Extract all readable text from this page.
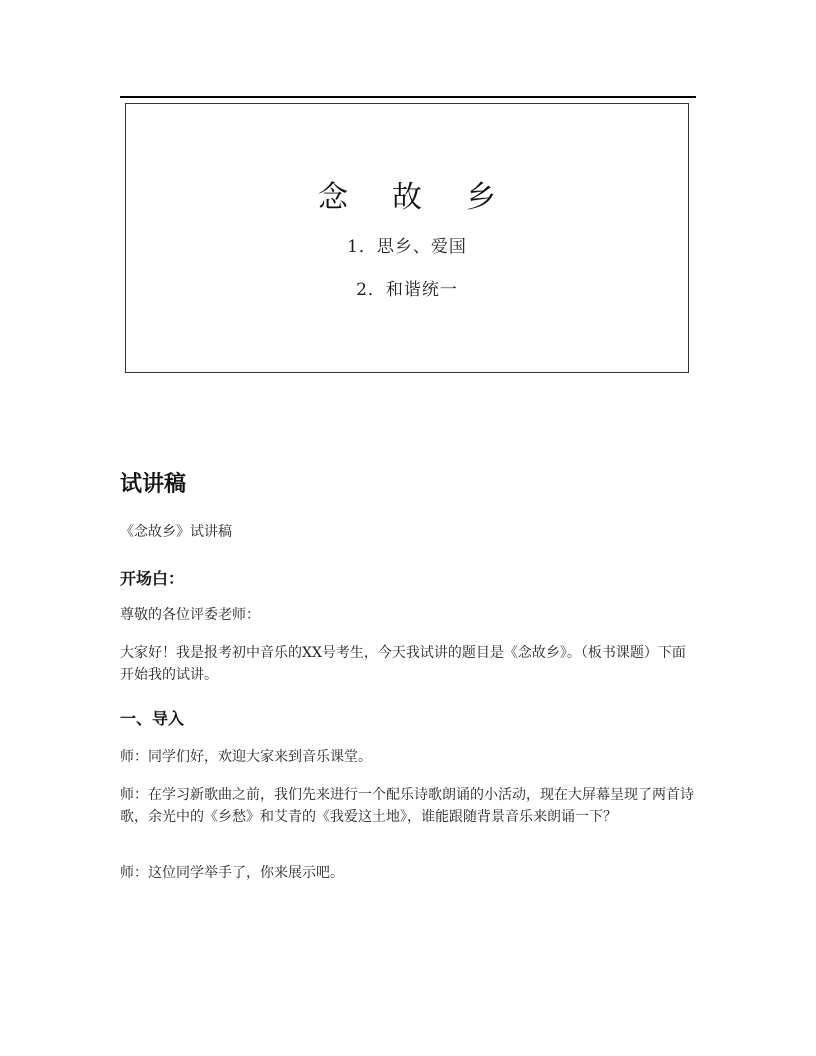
念故乡
1．思乡、爱国
2．和谐统一
试讲稿
《念故乡》试讲稿
开场白：
尊敬的各位评委老师：
大家好！我是报考初中音乐的XX号考生，今天我试讲的题目是《念故乡》。（板书课题）下面开始我的试讲。
一、导入
师：同学们好，欢迎大家来到音乐课堂。
师：在学习新歌曲之前，我们先来进行一个配乐诗歌朗诵的小活动，现在大屏幕呈现了两首诗歌，余光中的《乡愁》和艾青的《我爱这土地》，谁能跟随背景音乐来朗诵一下？
师：这位同学举手了，你来展示吧。
